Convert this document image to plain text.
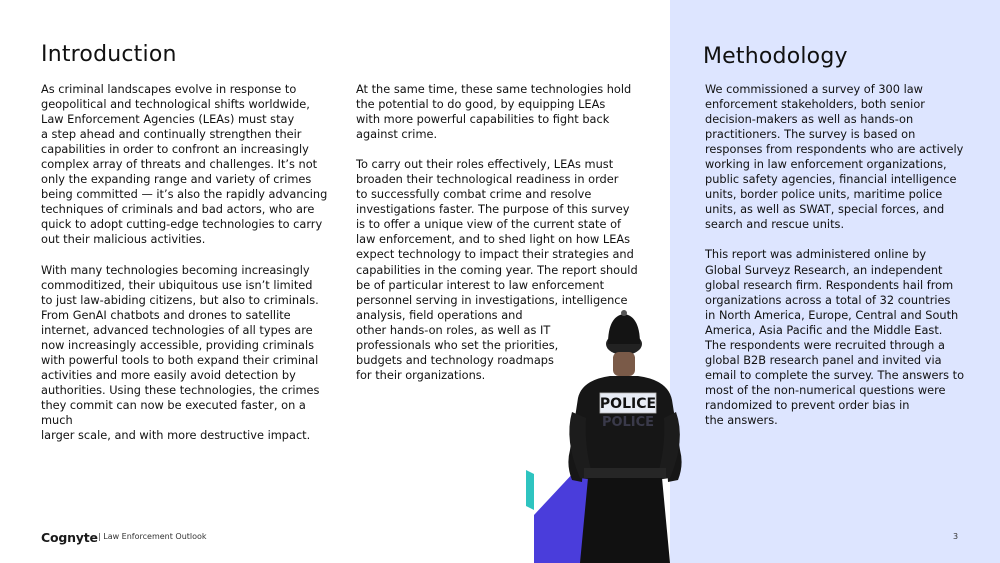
Introduction

As criminal landscapes evolve in response to
geopolitical and technological shifts worldwide,
Law Enforcement Agencies (LEAs) must stay
a step ahead and continually strengthen their
capabilities in order to confront an increasingly
complex array of threats and challenges. It’s not
only the expanding range and variety of crimes
being committed — it’s also the rapidly advancing
techniques of criminals and bad actors, who are
quick to adopt cutting-edge technologies to carry
out their malicious activities.

With many technologies becoming increasingly
commoditized, their ubiquitous use isn’t limited
to just law-abiding citizens, but also to criminals.
From GenAI chatbots and drones to satellite
internet, advanced technologies of all types are
now increasingly accessible, providing criminals
with powerful tools to both expand their criminal
activities and more easily avoid detection by
authorities. Using these technologies, the crimes
they commit can now be executed faster, on a much
larger scale, and with more destructive impact.

At the same time, these same technologies hold
the potential to do good, by equipping LEAs
with more powerful capabilities to fight back
against crime.

To carry out their roles effectively, LEAs must
broaden their technological readiness in order
to successfully combat crime and resolve
investigations faster. The purpose of this survey
is to offer a unique view of the current state of
law enforcement, and to shed light on how LEAs
expect technology to impact their strategies and
capabilities in the coming year. The report should
be of particular interest to law enforcement
personnel serving in investigations, intelligence
analysis, field operations and
other hands-on roles, as well as IT
professionals who set the priorities,
budgets and technology roadmaps
for their organizations.

Methodology

We commissioned a survey of 300 law
enforcement stakeholders, both senior
decision-makers as well as hands-on
practitioners. The survey is based on
responses from respondents who are actively
working in law enforcement organizations,
public safety agencies, financial intelligence
units, border police units, maritime police
units, as well as SWAT, special forces, and
search and rescue units.

This report was administered online by
Global Surveyz Research, an independent
global research firm. Respondents hail from
organizations across a total of 32 countries
in North America, Europe, Central and South
America, Asia Pacific and the Middle East.
The respondents were recruited through a
global B2B research panel and invited via
email to complete the survey. The answers to
most of the non-numerical questions were
randomized to prevent order bias in
the answers.

POLICE
POLICE
Cognyte | Law Enforcement Outlook	3
